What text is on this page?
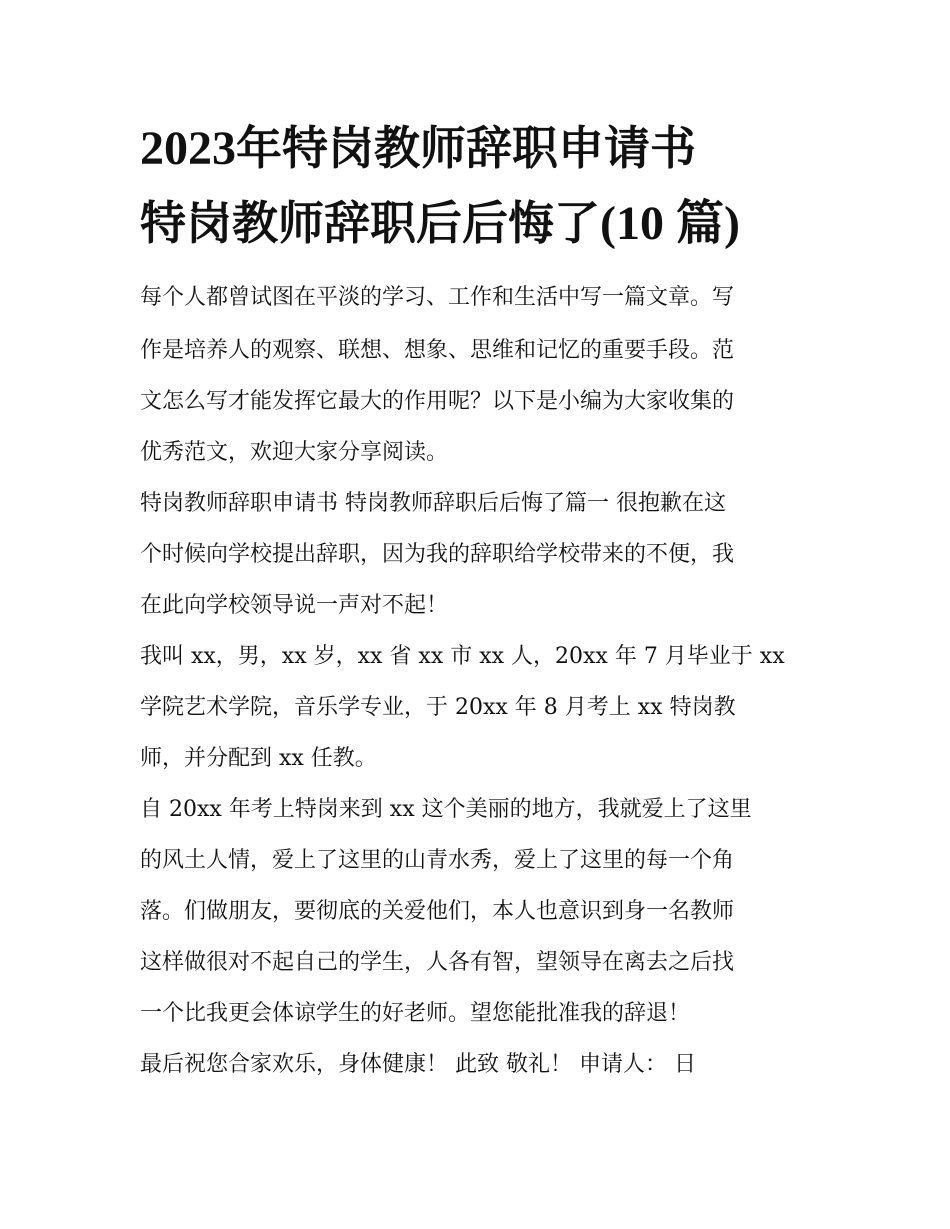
2023年特岗教师辞职申请书
特岗教师辞职后后悔了(10 篇)

每个人都曾试图在平淡的学习、工作和生活中写一篇文章。写

作是培养人的观察、联想、想象、思维和记忆的重要手段。范

文怎么写才能发挥它最大的作用呢？以下是小编为大家收集的

优秀范文，欢迎大家分享阅读。

特岗教师辞职申请书 特岗教师辞职后后悔了篇一 很抱歉在这

个时候向学校提出辞职，因为我的辞职给学校带来的不便，我

在此向学校领导说一声对不起！

我叫 xx，男，xx 岁，xx 省 xx 市 xx 人，20xx 年 7 月毕业于 xx

学院艺术学院，音乐学专业，于 20xx 年 8 月考上 xx 特岗教

师，并分配到 xx 任教。

自 20xx 年考上特岗来到 xx 这个美丽的地方，我就爱上了这里

的风土人情，爱上了这里的山青水秀，爱上了这里的每一个角

落。们做朋友，要彻底的关爱他们，本人也意识到身一名教师

这样做很对不起自己的学生，人各有智，望领导在离去之后找

一个比我更会体谅学生的好老师。望您能批准我的辞退！

最后祝您合家欢乐，身体健康！ 此致 敬礼！ 申请人： 日
